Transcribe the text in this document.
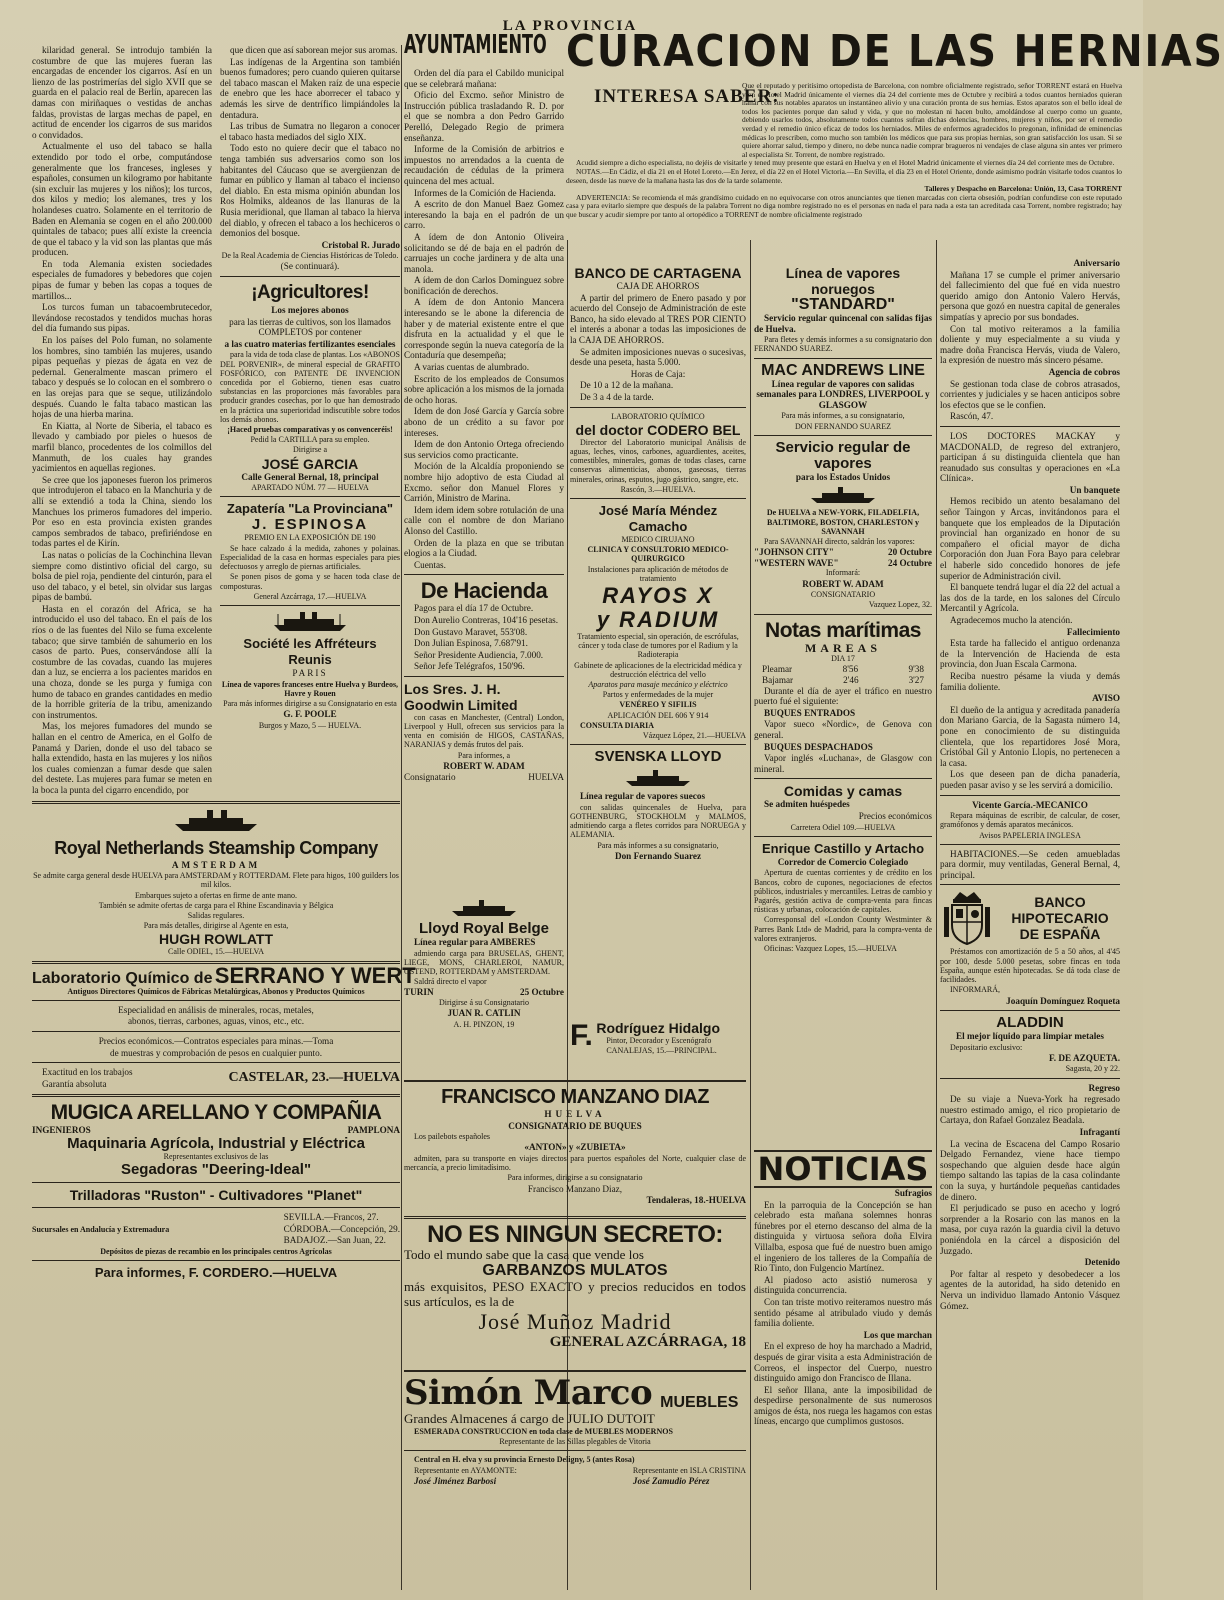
LA PROVINCIA

kilaridad general. Se introdujo también la costumbre de que las mujeres fueran las encargadas de encender los cigarros. Así en un lienzo de las postrimerías del siglo XVII que se guarda en el palacio real de Berlín, aparecen las damas con miriñaques o vestidas de anchas faldas, provistas de largas mechas de papel, en actitud de encender los cigarros de sus maridos o convidados.

Actualmente el uso del tabaco se halla extendido por todo el orbe, computándose generalmente que los franceses, ingleses y españoles, consumen un kilogramo por habitante (sin excluir las mujeres y los niños); los turcos, dos kilos y medio; los alemanes, tres y los holandeses cuatro. Solamente en el territorio de Baden en Alemania se cogen en el año 200.000 quintales de tabaco; pues allí existe la creencia de que el tabaco y la vid son las plantas que más producen.

En toda Alemania existen sociedades especiales de fumadores y bebedores que cojen pipas de fumar y beben las copas a toques de martillos...

Los turcos fuman un tabacoembrutecedor, llevándose recostados y tendidos muchas horas del día fumando sus pipas.

En los países del Polo fuman, no solamente los hombres, sino también las mujeres, usando pipas pequeñas y piezas de ágata en vez de pedernal. Generalmente mascan primero el tabaco y después se lo colocan en el sombrero o en las orejas para que se seque, utilizándolo después. Cuando le falta tabaco mastican las hojas de una hierba marina.

En Kiatta, al Norte de Siberia, el tabaco es llevado y cambiado por pieles o huesos de marfil blanco, procedentes de los colmillos del Manmuth, de los cuales hay grandes yacimientos en aquellas regiones.

Se cree que los japoneses fueron los primeros que introdujeron el tabaco en la Manchuria y de allí se extendió a toda la China, siendo los Manchues los primeros fumadores del imperio. Por eso en esta provincia existen grandes campos sembrados de tabaco, prefiriéndose en todas partes el de Kirín.

Las natas o policías de la Cochinchina llevan siempre como distintivo oficial del cargo, su bolsa de piel roja, pendiente del cinturón, para el uso del tabaco, y el betel, sin olvidar sus largas pipas de bambú.

Hasta en el corazón del Africa, se ha introducido el uso del tabaco. En el país de los ríos o de las fuentes del Nilo se fuma excelente tabaco; que sirve también de sahumerio en los casos de parto. Pues, conservándose allí la costumbre de las covadas, cuando las mujeres dan a luz, se encierra a los pacientes maridos en una choza, donde se les purga y fumiga con humo de tabaco en grandes cantidades en medio de la horrible gritería de la tribu, amenizando con instrumentos.

Mas, los mejores fumadores del mundo se hallan en el centro de America, en el Golfo de Panamá y Darien, donde el uso del tabaco se halla extendido, hasta en las mujeres y los niños los cuales comienzan a fumar desde que salen del destete. Las mujeres para fumar se meten en la boca la punta del cigarro encendido, por

que dicen que así saborean mejor sus aromas.

Las indígenas de la Argentina son también buenos fumadores; pero cuando quieren quitarse del tabaco mascan el Maken raíz de una especie de enebro que les hace aborrecer el tabaco y además les sirve de dentrífico limpiándoles la dentadura.

Las tribus de Sumatra no llegaron a conocer el tabaco hasta mediados del siglo XIX.

Todo esto no quiere decir que el tabaco no tenga también sus adversarios como son los habitantes del Cáucaso que se avergüenzan de fumar en público y llaman al tabaco el incienso del diablo. En esta misma opinión abundan los Ros Holmiks, aldeanos de las llanuras de la Rusia meridional, que llaman al tabaco la hierva del diablo, y ofrecen el tabaco a los hechiceros o demonios del bosque.

Cristobal R. Jurado

De la Real Academia de Ciencias Históricas de Toledo.

(Se continuará).

¡Agricultores!

Los mejores abonos

para las tierras de cultivos, son los llamados COMPLETOS por contener

a las cuatro materias fertilizantes esenciales

para la vida de toda clase de plantas. Los «ABONOS DEL PORVENIR», de mineral especial de GRAFITO FOSFÓRICO, con PATENTE DE INVENCION concedida por el Gobierno, tienen esas cuatro substancias en las proporciones más favorables para producir grandes cosechas, por lo que han demostrado en la práctica una superioridad indiscutible sobre todos los demás abonos.

¡Haced pruebas comparativas y os convenceréis!

Pedid la CARTILLA para su empleo.

Dirigirse a

JOSÉ GARCIA

Calle General Bernal, 18, principal

APARTADO NÚM. 77 — HUELVA

Zapatería "La Provinciana"
J. ESPINOSA

PREMIO EN LA EXPOSICIÓN DE 190

Se hace calzado á la medida, zahones y polainas. Especialidad de la casa en hormas especiales para pies defectuosos y arreglo de piernas artificiales.

Se ponen pisos de goma y se hacen toda clase de composturas.

General Azcárraga, 17.—HUELVA

Société les Affréteurs Reunis

PARIS

Línea de vapores franceses entre Huelva y Burdeos, Havre y Rouen

Para más informes dirigirse a su Consignatario en esta

G. F. POOLE

Burgos y Mazo, 5 — HUELVA.

Royal Netherlands Steamship Company

AMSTERDAM

Se admite carga general desde HUELVA para AMSTERDAM y ROTTERDAM. Flete para higos, 100 guilders los mil kilos.

Embarques sujeto a ofertas en firme de ante mano.

También se admite ofertas de carga para el Rhine Escandinavia y Bélgica

Salidas regulares.

Para más detalles, dirigirse al Agente en esta,

HUGH ROWLATT

Calle ODIEL, 15.—HUELVA

Laboratorio Químico de SERRANO Y WERT

Antiguos Directores Químicos de Fábricas Metalúrgicas, Abonos y Productos Químicos

Especialidad en análisis de minerales, rocas, metales,

abonos, tierras, carbones, aguas, vinos, etc., etc.

Precios económicos.—Contratos especiales para minas.—Toma

de muestras y comprobación de pesos en cualquier punto.

Exactitud en los trabajos

Garantía absoluta	CASTELAR, 23.—HUELVA
MUGICA ARELLANO Y COMPAÑIA
INGENIEROS	PAMPLONA
Maquinaria Agrícola, Industrial y Eléctrica

Representantes exclusivos de las

Segadoras "Deering-Ideal"
Trilladoras "Ruston" - Cultivadores "Planet"
Sucursales en Andalucía y Extremadura

SEVILLA.—Francos, 27.

CÓRDOBA.—Concepción, 29.

BADAJOZ.—San Juan, 22.

Depósitos de piezas de recambio en los principales centros Agrícolas

Para informes, F. CORDERO.—HUELVA
AYUNTAMIENTO CURACION DE LAS HERNIAS
INTERESA SABER:
Que el reputado y peritísimo ortopedista de Barcelona, con nombre oficialmente registrado, señor TORRENT estará en Huelva y en el Hotel Madrid únicamente el viernes día 24 del corriente mes de Octubre y recibirá a todos cuantos herniados quieran hallar con sus notables aparatos un instantáneo alivio y una curación pronta de sus hernias. Estos aparatos son el bello ideal de todos los pacientes porque dan salud y vida, y que no molestan ni hacen bulto, amoldándose al cuerpo como un guante, debiendo usarlos todos, absolutamente todos cuantos sufran dichas dolencias, hombres, mujeres y niños, por ser el remedio verdad y el remedio único eficaz de todos los herniados. Miles de enfermos agradecidos lo pregonan, infinidad de eminencias médicas lo prescriben, como mucho son también los médicos que para sus propias hernias, son gran satisfacción los usan. Si se quiere ahorrar salud, tiempo y dinero, no debe nunca nadie comprar bragueros ni vendajes de clase alguna sin antes ver primero al especialista Sr. Torrent, de nombre registrado.
Acudid siempre a dicho especialista, no dejéis de visitarle y tened muy presente que estará en Huelva y en el Hotel Madrid únicamente el viernes día 24 del corriente mes de Octubre.
NOTAS.—En Cádiz, el día 21 en el Hotel Loreto.—En Jerez, el día 22 en el Hotel Victoria.—En Sevilla, el día 23 en el Hotel Oriente, donde asimismo podrán visitarle todos cuantos lo deseen, desde las nueve de la mañana hasta las dos de la tarde solamente.
Talleres y Despacho en Barcelona: Unión, 13, Casa TORRENT
ADVERTENCIA: Se recomienda el más grandísimo cuidado en no equivocarse con otros anunciantes que tienen marcadas con cierta obsesión, podrían confundirse con este reputado casa y para evitarlo siempre que después de la palabra Torrent no diga nombre registrado no es el personas en nada el para nada a esta tan acreditada casa Torrent, nombre registrado; hay que buscar y acudir siempre por tanto al ortopédico a TORRENT de nombre oficialmente registrado

Orden del día para el Cabildo municipal que se celebrará mañana:

Oficio del Excmo. señor Ministro de Instrucción pública trasladando R. D. por el que se nombra a don Pedro Garrido Perelló, Delegado Regio de primera enseñanza.

Informe de la Comisión de arbitrios e impuestos no arrendados a la cuenta de recaudación de cédulas de la primera quincena del mes actual.

Informes de la Comición de Hacienda.

A escrito de don Manuel Baez Gomez interesando la baja en el padrón de un carro.

A ídem de don Antonio Oliveira solicitando se dé de baja en el padrón de carruajes un coche jardinera y de alta una manola.

A ídem de don Carlos Dominguez sobre bonificación de derechos.

A ídem de don Antonio Mancera interesando se le abone la diferencia de haber y de material existente entre el que disfruta en la actualidad y el que le corresponde según la nueva categoría de la Contaduría que desempeña;

A varias cuentas de alumbrado.

Escrito de los empleados de Consumos sobre aplicación a los mismos de la jornada de ocho horas.

Idem de don José García y García sobre abono de un crédito a su favor por intereses.

Idem de don Antonio Ortega ofreciendo sus servicios como practicante.

Moción de la Alcaldía proponiendo se nombre hijo adoptivo de esta Ciudad al Excmo. señor don Manuel Flores y Carrión, Ministro de Marina.

Idem idem idem sobre rotulación de una calle con el nombre de don Mariano Alonso del Castillo.

Orden de la plaza en que se tributan elogios a la Ciudad.

Cuentas.

De Hacienda

Pagos para el día 17 de Octubre.

Don Aurelio Contreras, 104'16 pesetas.

Don Gustavo Maravet, 553'08.

Don Julian Espinosa, 7.687'91.

Señor Presidente Audiencia, 7.000.

Señor Jefe Telégrafos, 150'96.

Los Sres. J. H. Goodwin Limited

con casas en Manchester, (Central) London, Liverpool y Hull, ofrecen sus servicios para la venta en comisión de HIGOS, CASTAÑAS, NARANJAS y demás frutos del país.

Para informes, a

ROBERT W. ADAM

Consignatario	HUELVA
BANCO DE CARTAGENA

CAJA DE AHORROS

A partir del primero de Enero pasado y por acuerdo del Consejo de Administración de este Banco, ha sido elevado al TRES POR CIENTO el interés a abonar a todas las imposiciones de la CAJA DE AHORROS.

Se admiten imposiciones nuevas o sucesivas, desde una peseta, hasta 5.000.

Horas de Caja:

De 10 a 12 de la mañana.

De 3 a 4 de la tarde.

LABORATORIO QUÍMICO

del doctor CODERO BEL

Director del Laboratorio municipal Análisis de aguas, leches, vinos, carbones, aguardientes, aceites, comestibles, minerales, gomas de todas clases, carne conservas alimenticias, abonos, gaseosas, tierras minerales, orinas, esputos, jugo gástrico, sangre, etc.

Rascón, 3.—HUELVA.

José María Méndez Camacho

MEDICO CIRUJANO

CLINICA Y CONSULTORIO MEDICO-QUIRURGICO

Instalaciones para aplicación de métodos de tratamiento

RAYOS X
y RADIUM

Tratamiento especial, sin operación, de escrófulas, cáncer y toda clase de tumores por el Radium y la Radioterapia

Gabinete de aplicaciones de la electricidad médica y destrucción eléctrica del vello

Aparatos para masaje mecánico y eléctrico

Partos y enfermedades de la mujer

VENÉREO Y SIFILIS

APLICACIÓN DEL 606 Y 914

CONSULTA DIARIA

Vázquez López, 21.—HUELVA

SVENSKA LLOYD

Línea regular de vapores suecos

con salidas quincenales de Huelva, para GOTHENBURG, STOCKHOLM y MALMOS, admitiendo carga a fletes corridos para NORUEGA y ALEMANIA.

Para más informes a su consignatario,

Don Fernando Suarez

Lloyd Royal Belge

Línea regular para AMBERES

admiendo carga para BRUSELAS, GHENT, LIEGE, MONS, CHARLEROI, NAMUR, OSTEND, ROTTERDAM y AMSTERDAM.

Saldrá directo el vapor

TURIN	25 Octubre

Dirigirse á su Consignatario

JUAN R. CATLIN

A. H. PINZON, 19	F. Rodríguez Hidalgo

Pintor, Decorador y Escenógrafo

CANALEJAS, 15.—PRINCIPAL.

FRANCISCO MANZANO DIAZ

HUELVA

CONSIGNATARIO DE BUQUES

Los pailebots españoles

«ANTON» y «ZUBIETA»

admiten, para su transporte en viajes directos para puertos españoles del Norte, cualquier clase de mercancía, a precio limitadísimo.

Para informes, dirigirse a su consignatario

Francisco Manzano Diaz,

Tendaleras, 18.-HUELVA

NO ES NINGUN SECRETO:

Todo el mundo sabe que la casa que vende los

GARBANZOS MULATOS

más exquisitos, PESO EXACTO y precios reducidos en todos sus artículos, es la de

José Muñoz Madrid

GENERAL AZCÁRRAGA, 18

Simón Marco MUEBLES

Grandes Almacenes á cargo de JULIO DUTOIT

ESMERADA CONSTRUCCION en toda clase de MUEBLES MODERNOS

Representante de las Sillas plegables de Vitoria

Central en H. elva y su provincia Ernesto Deligny, 5 (antes Rosa)

Representante en AYAMONTE:

José Jiménez Barbosi

Representante en ISLA CRISTINA

José Zamudio Pérez

Línea de vapores noruegos
"STANDARD"

Servicio regular quincenal con salidas fijas de Huelva.

Para fletes y demás informes a su consignatario don FERNANDO SUAREZ.

MAC ANDREWS LINE

Línea regular de vapores con salidas semanales para LONDRES, LIVERPOOL y GLASGOW

Para más informes, a su consignatario,

DON FERNANDO SUAREZ

Servicio regular de vapores

para los Estados Unidos

De HUELVA a NEW-YORK, FILADELFIA, BALTIMORE, BOSTON, CHARLESTON y SAVANNAH

Para SAVANNAH directo, saldrán los vapores:

"JOHNSON CITY"	20 Octubre
"WESTERN WAVE"	24 Octubre

Informará:

ROBERT W. ADAM

CONSIGNATARIO

Vazquez Lopez, 32.

Notas marítimas

MAREAS

DIA 17

Pleamar	8'56	9'38
Bajamar	2'46	3'27

Durante el día de ayer el tráfico en nuestro puerto fué el siguiente:

BUQUES ENTRADOS

Vapor sueco «Nordic», de Genova con general.

BUQUES DESPACHADOS

Vapor inglés «Luchana», de Glasgow con mineral.

Comidas y camas

Se admiten huéspedes

Precios económicos

Carretera Odiel 109.—HUELVA

Enrique Castillo y Artacho

Corredor de Comercio Colegiado

Apertura de cuentas corrientes y de crédito en los Bancos, cobro de cupones, negociaciones de efectos públicos, industriales y mercantiles. Letras de cambio y Pagarés, gestión activa de compra-venta para fincas rústicas y urbanas, colocación de capitales.

Corresponsal del «London County Westminter & Parres Bank Ltd» de Madrid, para la compra-venta de valores extranjeros.

Oficinas: Vazquez Lopes, 15.—HUELVA

NOTICIAS

Sufragios

En la parroquia de la Concepción se han celebrado esta mañana solemnes honras fúnebres por el eterno descanso del alma de la distinguida y virtuosa señora doña Elvira Villalba, esposa que fué de nuestro buen amigo el ingeniero de los talleres de la Compañía de Rio Tinto, don Fulgencio Martínez.

Al piadoso acto asistió numerosa y distinguida concurrencia.

Con tan triste motivo reiteramos nuestro más sentido pésame al atribulado viudo y demás familia doliente.

Los que marchan

En el expreso de hoy ha marchado a Madrid, después de girar visita a esta Administración de Correos, el inspector del Cuerpo, nuestro distinguido amigo don Francisco de Illana.

El señor Illana, ante la imposibilidad de despedirse personalmente de sus numerosos amigos de ésta, nos ruega les hagamos con estas líneas, encargo que cumplimos gustosos.

Aniversario

Mañana 17 se cumple el primer aniversario del fallecimiento del que fué en vida nuestro querido amigo don Antonio Valero Hervás, persona que gozó en nuestra capital de generales simpatías y aprecio por sus bondades.

Con tal motivo reiteramos a la familia doliente y muy especialmente a su viuda y madre doña Francisca Hervás, viuda de Valero, la expresión de nuestro más sincero pésame.

Agencia de cobros

Se gestionan toda clase de cobros atrasados, corrientes y judiciales y se hacen anticipos sobre los efectos que se le confien.

Rascón, 47.

LOS DOCTORES MACKAY y MACDONALD, de regreso del extranjero, participan á su distinguida clientela que han reanudado sus consultas y operaciones en «La Clínica».

Un banquete

Hemos recibido un atento besalamano del señor Taingon y Arcas, invitándonos para el banquete que los empleados de la Diputación provincial han organizado en honor de su compañero el oficial mayor de dicha Corporación don Juan Fora Bayo para celebrar el haberle sido concedido honores de jefe superior de Administración civil.

El banquete tendrá lugar el día 22 del actual a las dos de la tarde, en los salones del Círculo Mercantil y Agrícola.

Agradecemos mucho la atención.

Fallecimiento

Esta tarde ha fallecido el antiguo ordenanza de la Intervención de Hacienda de esta provincia, don Juan Escala Carmona.

Reciba nuestro pésame la viuda y demás familia doliente.

AVISO

El dueño de la antigua y acreditada panadería don Mariano Garcia, de la Sagasta número 14, pone en conocimiento de su distinguida clientela, que los repartidores José Mora, Cristóbal Gil y Antonio Llopis, no pertenecen a la casa.

Los que deseen pan de dicha panadería, pueden pasar aviso y se les servirá a domicilio.

Vicente García.-MECANICO

Repara máquinas de escribir, de calcular, de coser, gramófonos y demás aparatos mecánicos.

Avisos PAPELERIA INGLESA

HABITACIONES.—Se ceden amuebladas para dormir, muy ventiladas, General Bernal, 4, principal.

BANCO
HIPOTECARIO
DE ESPAÑA

Préstamos con amortización de 5 a 50 años, al 4'45 por 100, desde 5.000 pesetas, sobre fincas en toda España, aunque estén hipotecadas. Se dá toda clase de facilidades.

INFORMARÁ,

Joaquín Domínguez Roqueta

ALADDIN

El mejor líquido para limpiar metales

Depositario exclusivo:

F. DE AZQUETA.

Sagasta, 20 y 22.

Regreso

De su viaje a Nueva-York ha regresado nuestro estimado amigo, el rico propietario de Cartaya, don Rafael Gonzalez Beadala.

Infragantí

La vecina de Escacena del Campo Rosario Delgado Fernandez, viene hace tiempo sospechando que alguien desde hace algún tiempo saltando las tapias de la casa colindante con la suya, y hurtándole pequeñas cantidades de dinero.

El perjudicado se puso en acecho y logró sorprender a la Rosario con las manos en la masa, por cuya razón la guardia civil la detuvo poniéndola en la cárcel a disposición del Juzgado.

Detenido

Por faltar al respeto y desobedecer a los agentes de la autoridad, ha sido detenido en Nerva un individuo llamado Antonio Vásquez Gómez.
